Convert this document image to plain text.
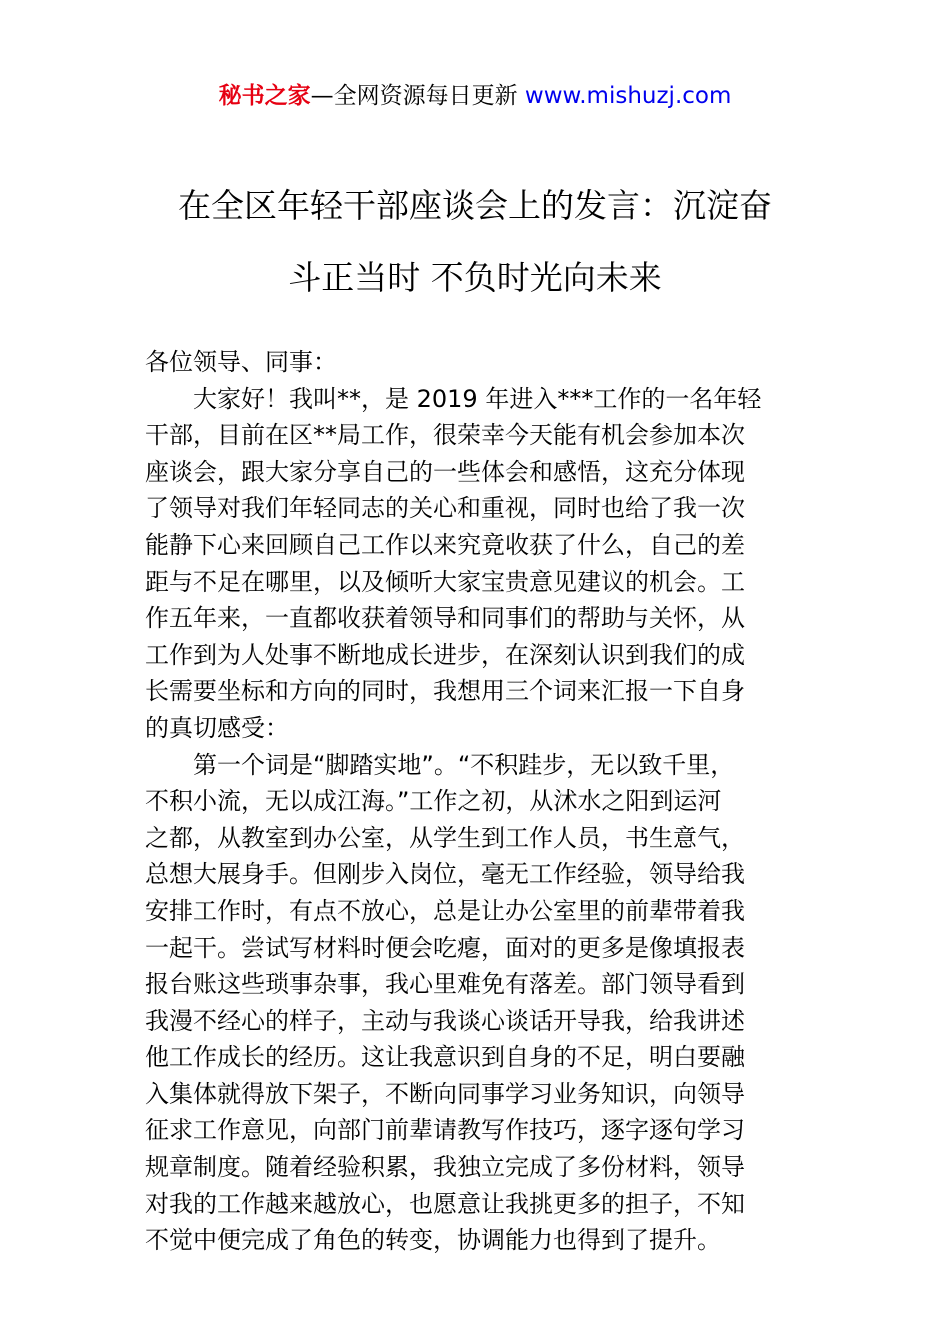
秘书之家—全网资源每日更新 www.mishuzj.com
在全区年轻干部座谈会上的发言：沉淀奋
斗正当时 不负时光向未来

各位领导、同事：

大家好！我叫**，是 2019 年进入***工作的一名年轻
干部，目前在区**局工作，很荣幸今天能有机会参加本次
座谈会，跟大家分享自己的一些体会和感悟，这充分体现
了领导对我们年轻同志的关心和重视，同时也给了我一次
能静下心来回顾自己工作以来究竟收获了什么，自己的差
距与不足在哪里，以及倾听大家宝贵意见建议的机会。工
作五年来，一直都收获着领导和同事们的帮助与关怀，从
工作到为人处事不断地成长进步，在深刻认识到我们的成
长需要坐标和方向的同时，我想用三个词来汇报一下自身
的真切感受：

第一个词是“脚踏实地”。“不积跬步，无以致千里，
不积小流，无以成江海。”工作之初，从沭水之阳到运河
之都，从教室到办公室，从学生到工作人员，书生意气，
总想大展身手。但刚步入岗位，毫无工作经验，领导给我
安排工作时，有点不放心，总是让办公室里的前辈带着我
一起干。尝试写材料时便会吃瘪，面对的更多是像填报表
报台账这些琐事杂事，我心里难免有落差。部门领导看到
我漫不经心的样子，主动与我谈心谈话开导我，给我讲述
他工作成长的经历。这让我意识到自身的不足，明白要融
入集体就得放下架子，不断向同事学习业务知识，向领导
征求工作意见，向部门前辈请教写作技巧，逐字逐句学习
规章制度。随着经验积累，我独立完成了多份材料，领导
对我的工作越来越放心，也愿意让我挑更多的担子，不知
不觉中便完成了角色的转变，协调能力也得到了提升。
